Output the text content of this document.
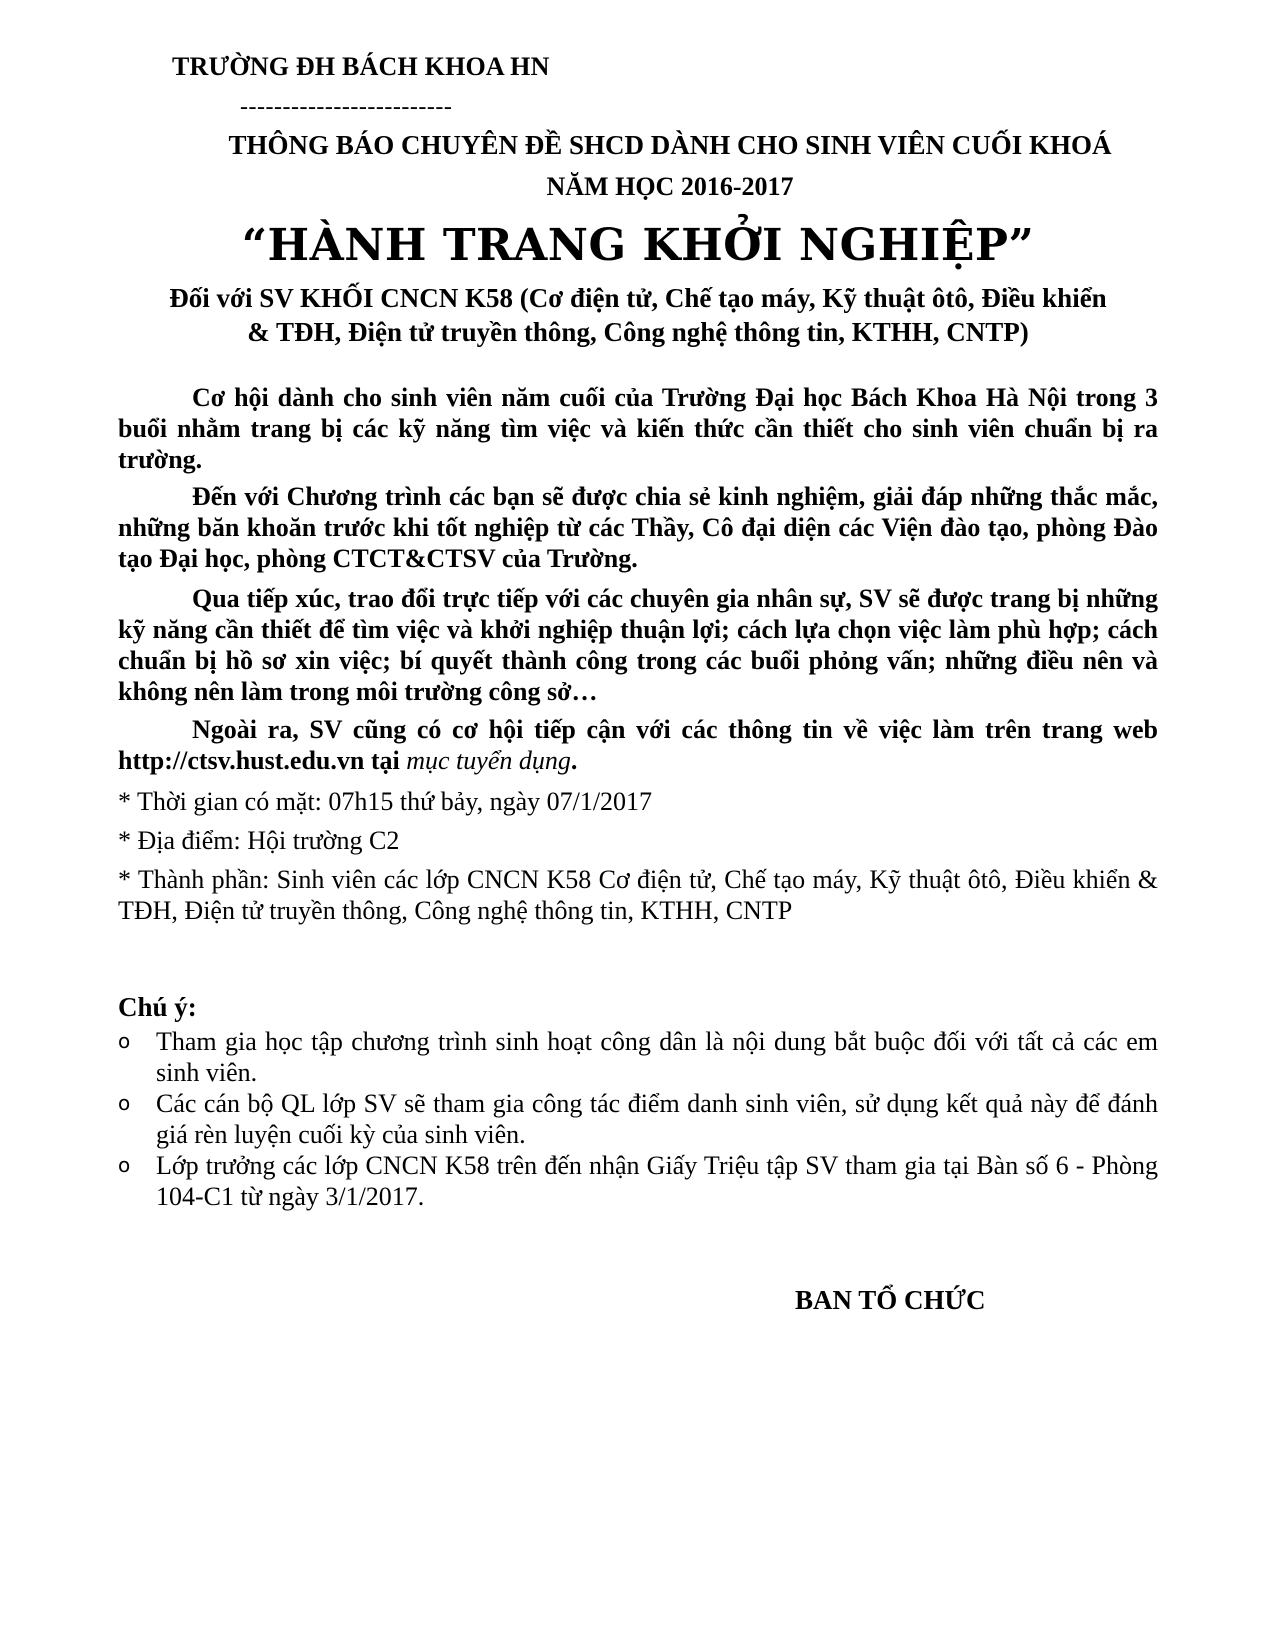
TRƯỜNG ĐH BÁCH KHOA HN
-------------------------
THÔNG BÁO CHUYÊN ĐỀ SHCD DÀNH CHO SINH VIÊN CUỐI KHOÁ
NĂM HỌC 2016-2017
“HÀNH TRANG KHỞI NGHIỆP”
Đối với SV KHỐI CNCN K58 (Cơ điện tử, Chế tạo máy, Kỹ thuật ôtô, Điều khiển
& TĐH, Điện tử truyền thông, Công nghệ thông tin, KTHH, CNTP)
Cơ hội dành cho sinh viên năm cuối của Trường Đại học Bách Khoa Hà Nội trong 3 buổi nhằm trang bị các kỹ năng tìm việc và kiến thức cần thiết cho sinh viên chuẩn bị ra trường.
Đến với Chương trình các bạn sẽ được chia sẻ kinh nghiệm, giải đáp những thắc mắc, những băn khoăn trước khi tốt nghiệp từ các Thầy, Cô đại diện các Viện đào tạo, phòng Đào tạo Đại học, phòng CTCT&CTSV của Trường.
Qua tiếp xúc, trao đổi trực tiếp với các chuyên gia nhân sự, SV sẽ được trang bị những kỹ năng cần thiết để tìm việc và khởi nghiệp thuận lợi; cách lựa chọn việc làm phù hợp; cách chuẩn bị hồ sơ xin việc; bí quyết thành công trong các buổi phỏng vấn; những điều nên và không nên làm trong môi trường công sở…
Ngoài ra, SV cũng có cơ hội tiếp cận với các thông tin về việc làm trên trang web http://ctsv.hust.edu.vn tại mục tuyển dụng.
* Thời gian có mặt: 07h15 thứ bảy, ngày 07/1/2017
* Địa điểm: Hội trường C2
* Thành phần: Sinh viên các lớp CNCN K58 Cơ điện tử, Chế tạo máy, Kỹ thuật ôtô, Điều khiển & TĐH, Điện tử truyền thông, Công nghệ thông tin, KTHH, CNTP
Chú ý:
o Tham gia học tập chương trình sinh hoạt công dân là nội dung bắt buộc đối với tất cả các em sinh viên.
o Các cán bộ QL lớp SV sẽ tham gia công tác điểm danh sinh viên, sử dụng kết quả này để đánh giá rèn luyện cuối kỳ của sinh viên.
o Lớp trưởng các lớp CNCN K58 trên đến nhận Giấy Triệu tập SV tham gia tại Bàn số 6 - Phòng 104-C1 từ ngày 3/1/2017.
BAN TỔ CHỨC
